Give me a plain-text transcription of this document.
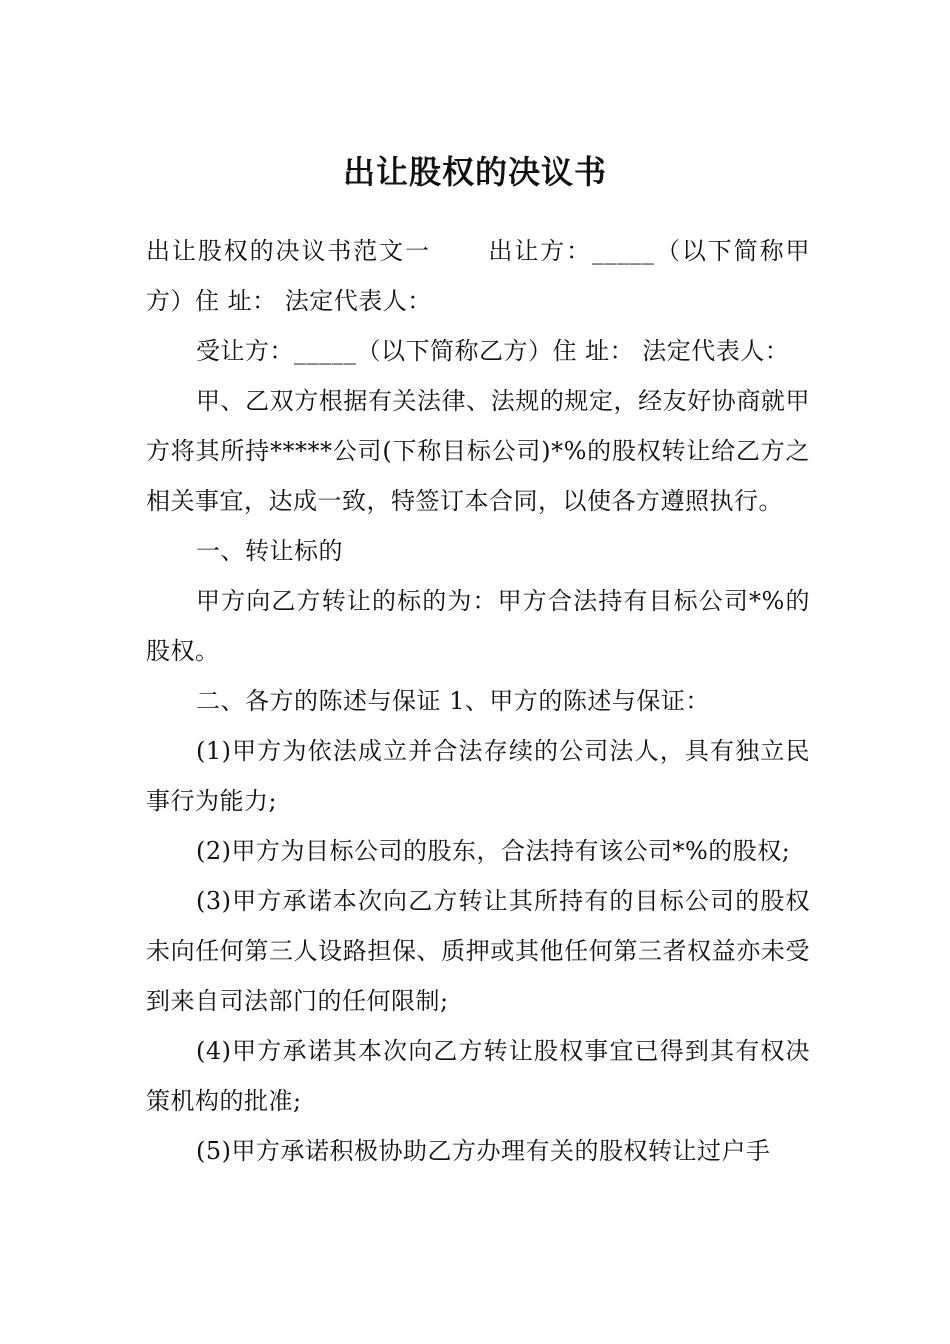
出让股权的决议书

出让股权的决议书范文一 出让方：_____（以下简称甲方）住 址： 法定代表人：

受让方：_____（以下简称乙方）住 址： 法定代表人：

甲、乙双方根据有关法律、法规的规定，经友好协商就甲方将其所持*****公司(下称目标公司)*%的股权转让给乙方之相关事宜，达成一致，特签订本合同，以使各方遵照执行。

一、转让标的

甲方向乙方转让的标的为：甲方合法持有目标公司*%的股权。

二、各方的陈述与保证 1、甲方的陈述与保证：

(1)甲方为依法成立并合法存续的公司法人，具有独立民事行为能力;

(2)甲方为目标公司的股东，合法持有该公司*%的股权;

(3)甲方承诺本次向乙方转让其所持有的目标公司的股权未向任何第三人设路担保、质押或其他任何第三者权益亦未受到来自司法部门的任何限制;

(4)甲方承诺其本次向乙方转让股权事宜已得到其有权决策机构的批准;

(5)甲方承诺积极协助乙方办理有关的股权转让过户手
